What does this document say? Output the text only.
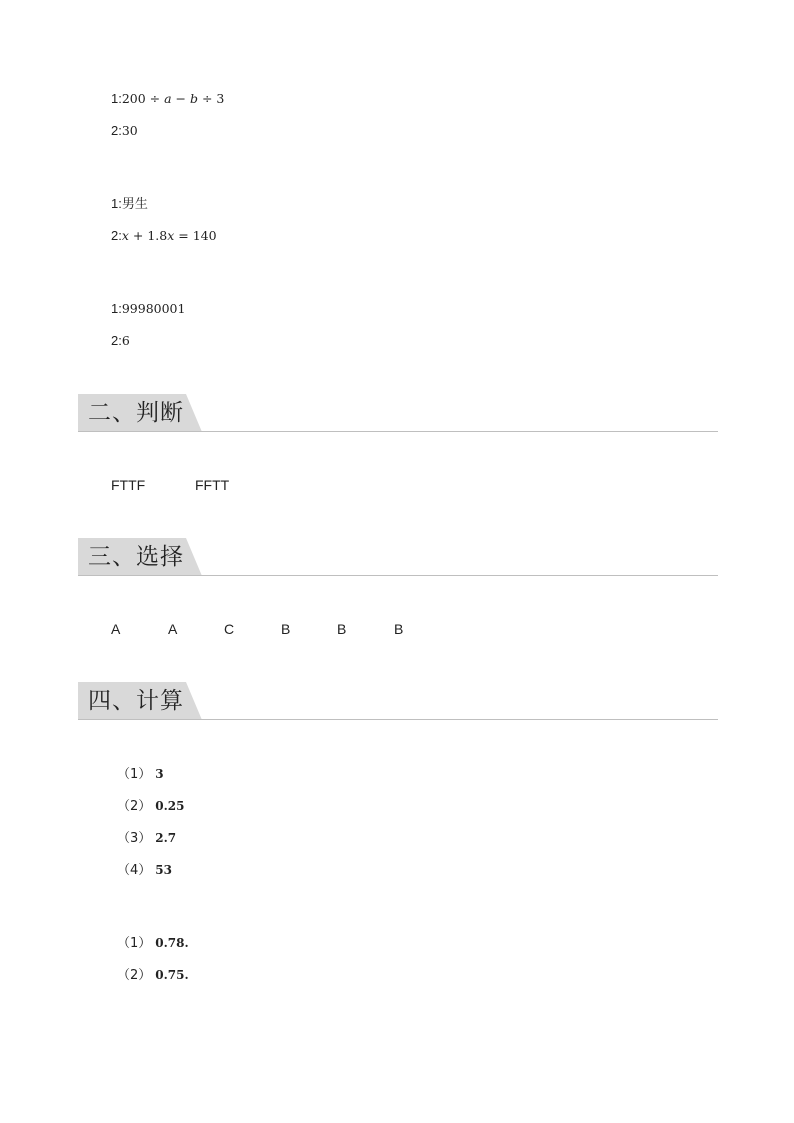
1:200 ÷ a − b ÷ 3
2:30
1:男生
2:x + 1.8x = 140
1:99980001
2:6
二、判断
FTTF	FFTT
三、选择
A	A	C	B	B	B
四、计算
（1） 3
（2） 0.25
（3） 2.7
（4） 53
（1） 0.78.
（2） 0.75.
